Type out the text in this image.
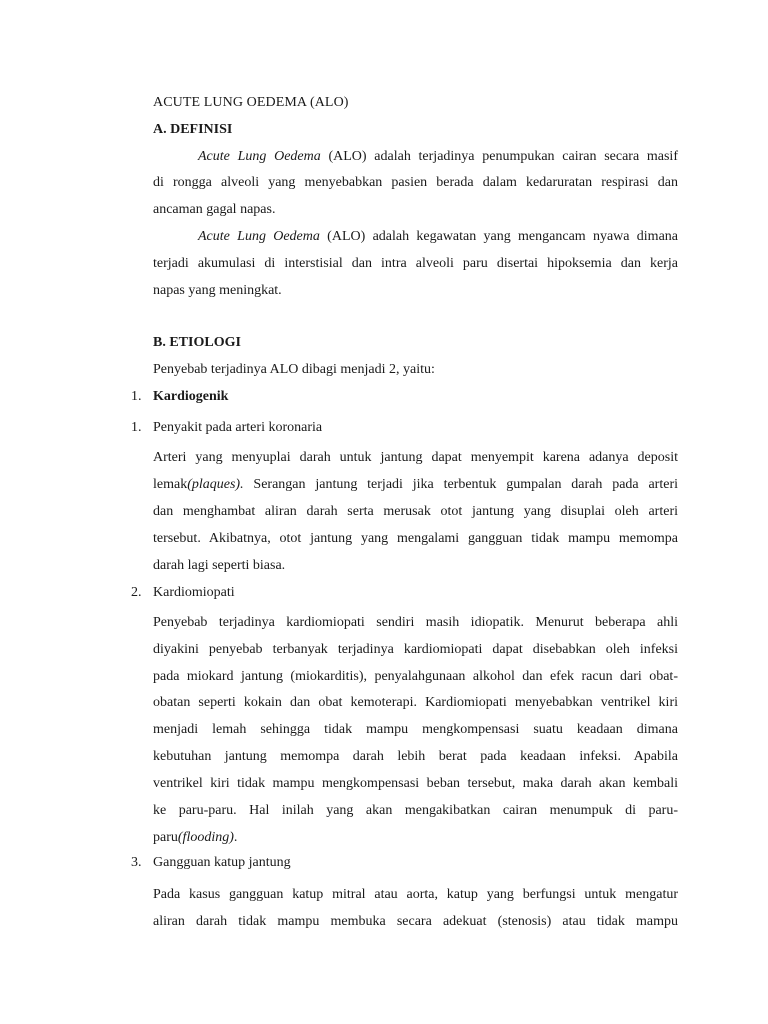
ACUTE LUNG OEDEMA (ALO)
A. DEFINISI
Acute Lung Oedema (ALO) adalah terjadinya penumpukan cairan secara masif
di rongga alveoli yang menyebabkan pasien berada dalam kedaruratan respirasi dan
ancaman gagal napas.
Acute Lung Oedema (ALO) adalah kegawatan yang mengancam nyawa dimana
terjadi akumulasi di interstisial dan intra alveoli paru disertai hipoksemia dan kerja
napas yang meningkat.
B. ETIOLOGI
Penyebab terjadinya ALO dibagi menjadi 2, yaitu:
1. Kardiogenik
1. Penyakit pada arteri koronaria
Arteri yang menyuplai darah untuk jantung dapat menyempit karena adanya deposit
lemak(plaques). Serangan jantung terjadi jika terbentuk gumpalan darah pada arteri
dan menghambat aliran darah serta merusak otot jantung yang disuplai oleh arteri
tersebut. Akibatnya, otot jantung yang mengalami gangguan tidak mampu memompa
darah lagi seperti biasa.
2. Kardiomiopati
Penyebab terjadinya kardiomiopati sendiri masih idiopatik. Menurut beberapa ahli
diyakini penyebab terbanyak terjadinya kardiomiopati dapat disebabkan oleh infeksi
pada miokard jantung (miokarditis), penyalahgunaan alkohol dan efek racun dari obat-
obatan seperti kokain dan obat kemoterapi. Kardiomiopati menyebabkan ventrikel kiri
menjadi lemah sehingga tidak mampu mengkompensasi suatu keadaan dimana
kebutuhan jantung memompa darah lebih berat pada keadaan infeksi. Apabila
ventrikel kiri tidak mampu mengkompensasi beban tersebut, maka darah akan kembali
ke paru-paru. Hal inilah yang akan mengakibatkan cairan menumpuk di paru-
paru(flooding).
3. Gangguan katup jantung
Pada kasus gangguan katup mitral atau aorta, katup yang berfungsi untuk mengatur
aliran darah tidak mampu membuka secara adekuat (stenosis) atau tidak mampu
